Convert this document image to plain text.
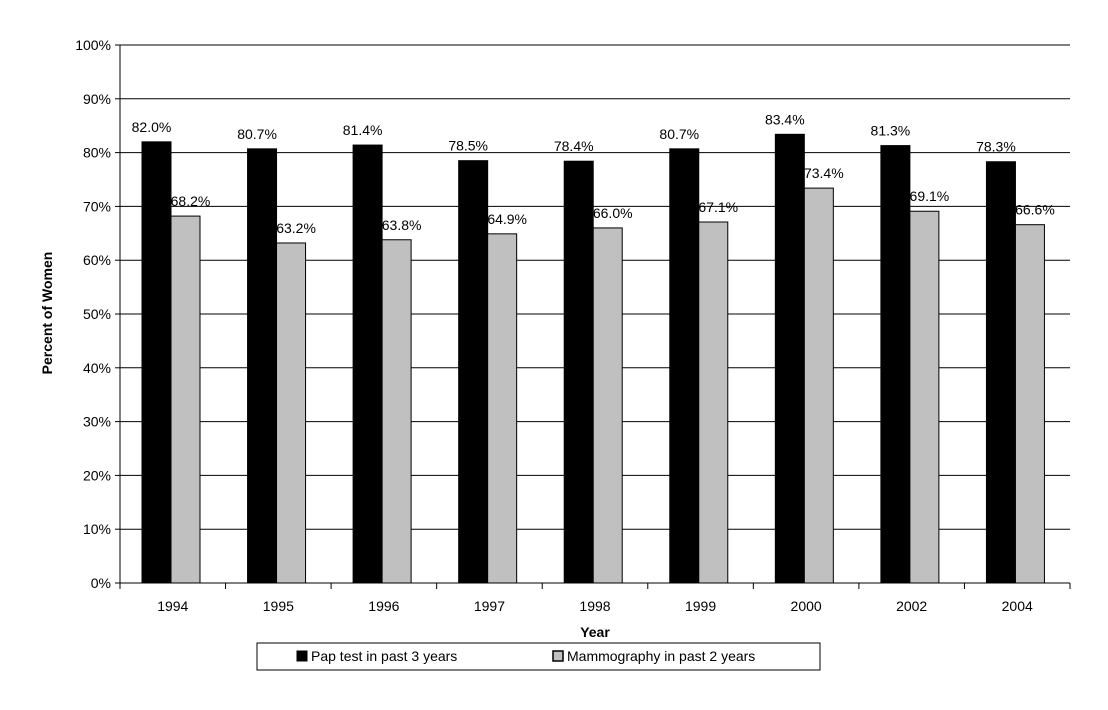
0%
10%
20%
30%
40%
50%
60%
70%
80%
90%
100%
82.0%
68.2%
1994
80.7%
63.2%
1995
81.4%
63.8%
1996
78.5%
64.9%
1997
78.4%
66.0%
1998
80.7%
67.1%
1999
83.4%
73.4%
2000
81.3%
69.1%
2002
78.3%
66.6%
2004
Year
Percent of Women
Pap test in past 3 years	Mammography in past 2 years
